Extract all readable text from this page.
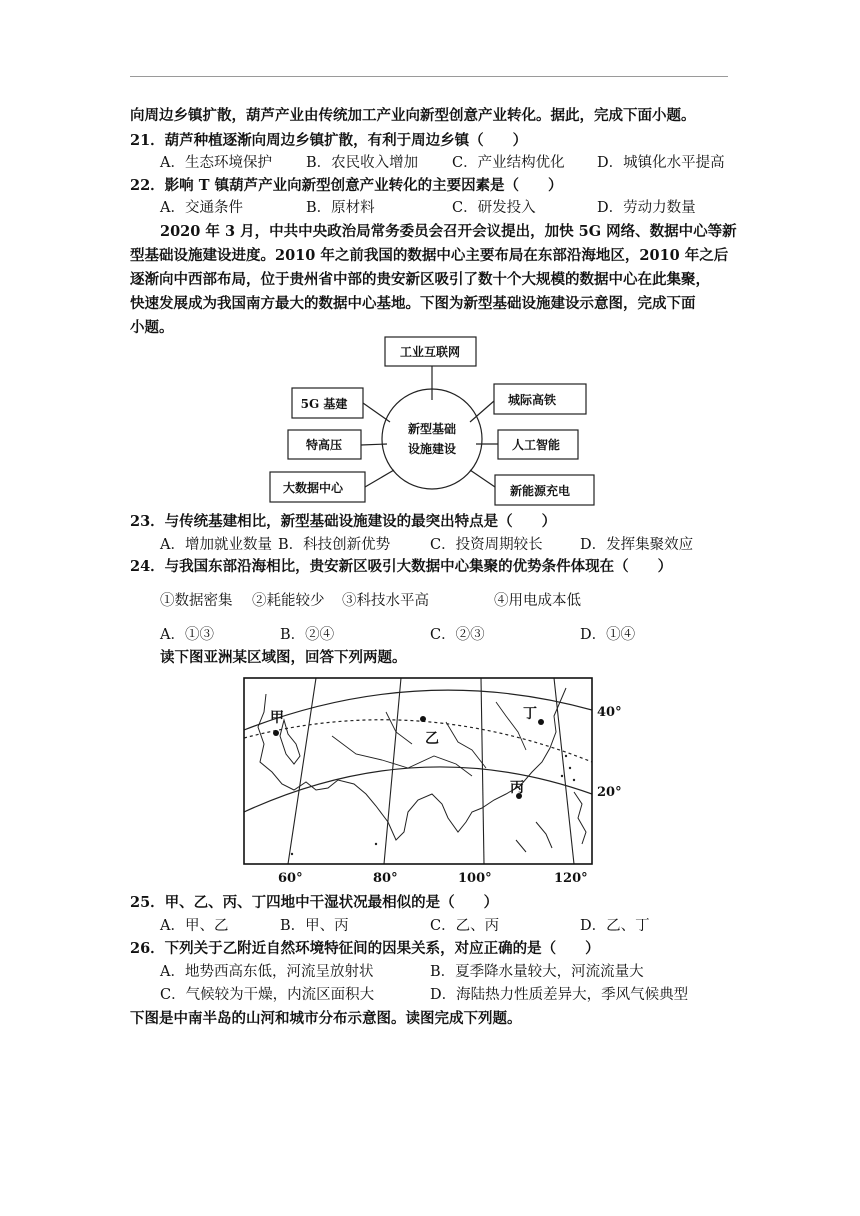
向周边乡镇扩散，葫芦产业由传统加工产业向新型创意产业转化。据此，完成下面小题。
21．葫芦种植逐渐向周边乡镇扩散，有利于周边乡镇（　　）
A．生态环境保护 B．农民收入增加 C．产业结构优化 D．城镇化水平提高
22．影响 T 镇葫芦产业向新型创意产业转化的主要因素是（　　）
A．交通条件	B．原材料	C．研发投入	D．劳动力数量
2020 年 3 月，中共中央政治局常务委员会召开会议提出，加快 5G 网络、数据中心等新
型基础设施建设进度。2010 年之前我国的数据中心主要布局在东部沿海地区，2010 年之后
逐渐向中西部布局，位于贵州省中部的贵安新区吸引了数十个大规模的数据中心在此集聚，
快速发展成为我国南方最大的数据中心基地。下图为新型基础设施建设示意图，完成下面
小题。
新型基础
设施建设
工业互联网
5G 基建
特高压
大数据中心
城际高铁
人工智能
新能源充电
23．与传统基建相比，新型基础设施建设的最突出特点是（　　）
A．增加就业数量 B．科技创新优势	C．投资周期较长	D．发挥集聚效应
24．与我国东部沿海相比，贵安新区吸引大数据中心集聚的优势条件体现在（　　）
①数据密集 ②耗能较少 ③科技水平高	④用电成本低
A．①③	B．②④	C．②③	D．①④
读下图亚洲某区域图，回答下列两题。
甲
乙
丙
丁	40°
20°
60°	80°	100°	120°
25．甲、乙、丙、丁四地中干湿状况最相似的是（　　）
A．甲、乙	B．甲、丙	C．乙、丙	D．乙、丁
26．下列关于乙附近自然环境特征间的因果关系，对应正确的是（　　）
A．地势西高东低，河流呈放射状	B．夏季降水量较大，河流流量大
C．气候较为干燥，内流区面积大	D．海陆热力性质差异大，季风气候典型
下图是中南半岛的山河和城市分布示意图。读图完成下列题。
